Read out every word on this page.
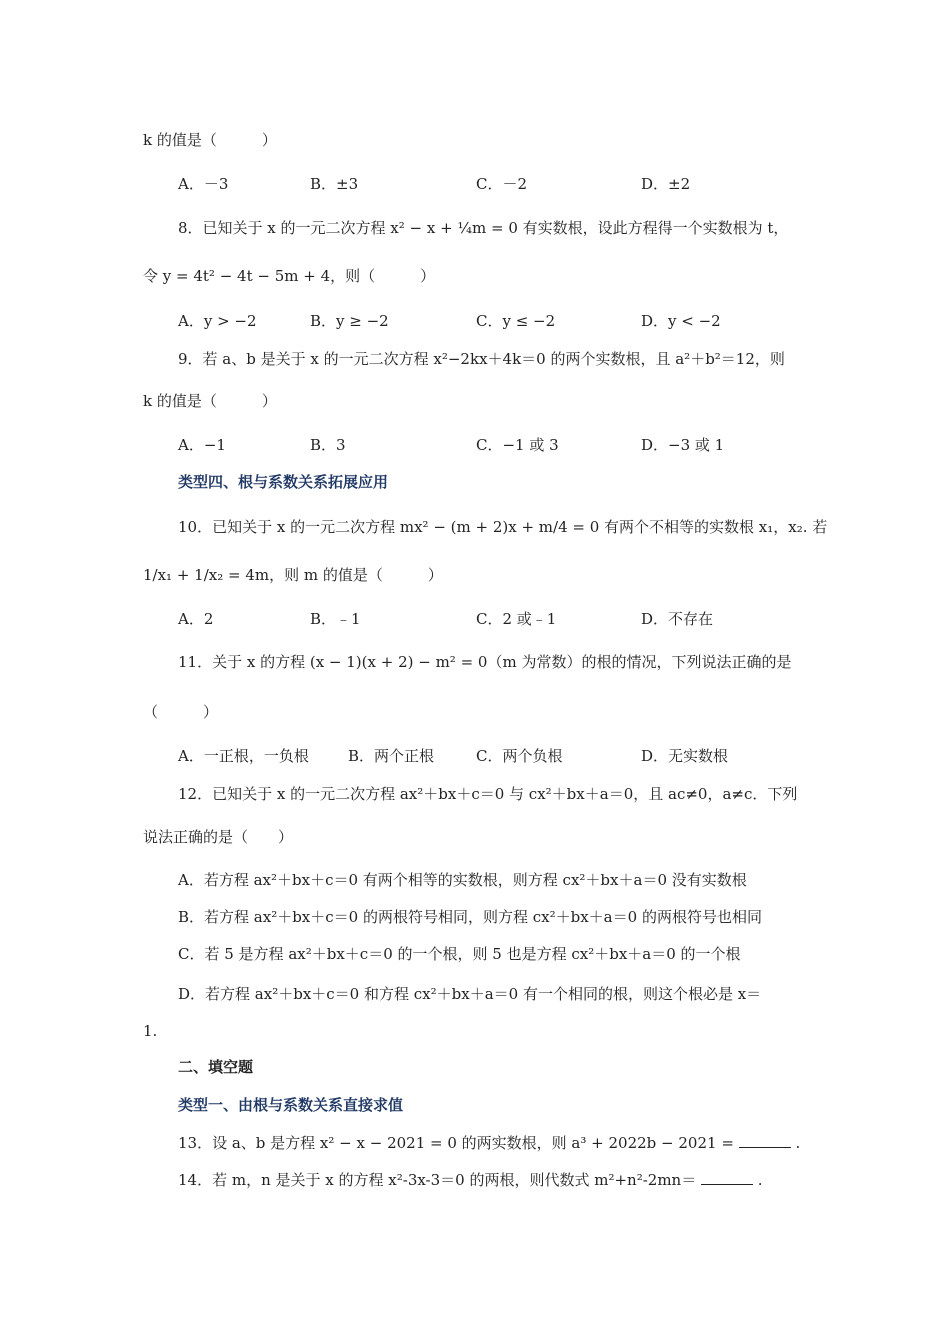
k 的值是（　　　）
A．－3	B．±3	C．－2	D．±2
8．已知关于 x 的一元二次方程 x² − x + ¼m = 0 有实数根，设此方程得一个实数根为 t，
令 y = 4t² − 4t − 5m + 4，则（　　　）
A．y > −2	B．y ≥ −2	C．y ≤ −2	D．y < −2
9．若 a、b 是关于 x 的一元二次方程 x²−2kx＋4k＝0 的两个实数根，且 a²＋b²＝12，则
k 的值是（　　　）
A．−1	B．3	C．−1 或 3	D．−3 或 1
类型四、根与系数关系拓展应用
10．已知关于 x 的一元二次方程 mx² − (m + 2)x + m/4 = 0 有两个不相等的实数根 x₁，x₂. 若
1/x₁ + 1/x₂ = 4m，则 m 的值是（　　　）
A．2	B．﹣1	C．2 或﹣1	D．不存在
11．关于 x 的方程 (x − 1)(x + 2) − m² = 0（m 为常数）的根的情况，下列说法正确的是
（　　　）
A．一正根，一负根	B．两个正根	C．两个负根	D．无实数根
12．已知关于 x 的一元二次方程 ax²＋bx＋c＝0 与 cx²＋bx＋a＝0，且 ac≠0，a≠c．下列
说法正确的是（　　）
A．若方程 ax²＋bx＋c＝0 有两个相等的实数根，则方程 cx²＋bx＋a＝0 没有实数根
B．若方程 ax²＋bx＋c＝0 的两根符号相同，则方程 cx²＋bx＋a＝0 的两根符号也相同
C．若 5 是方程 ax²＋bx＋c＝0 的一个根，则 5 也是方程 cx²＋bx＋a＝0 的一个根
D．若方程 ax²＋bx＋c＝0 和方程 cx²＋bx＋a＝0 有一个相同的根，则这个根必是 x＝
1.
二、填空题
类型一、由根与系数关系直接求值
13．设 a、b 是方程 x² − x − 2021 = 0 的两实数根，则 a³ + 2022b − 2021 =	.
14．若 m，n 是关于 x 的方程 x²-3x-3＝0 的两根，则代数式 m²+n²-2mn＝	.
